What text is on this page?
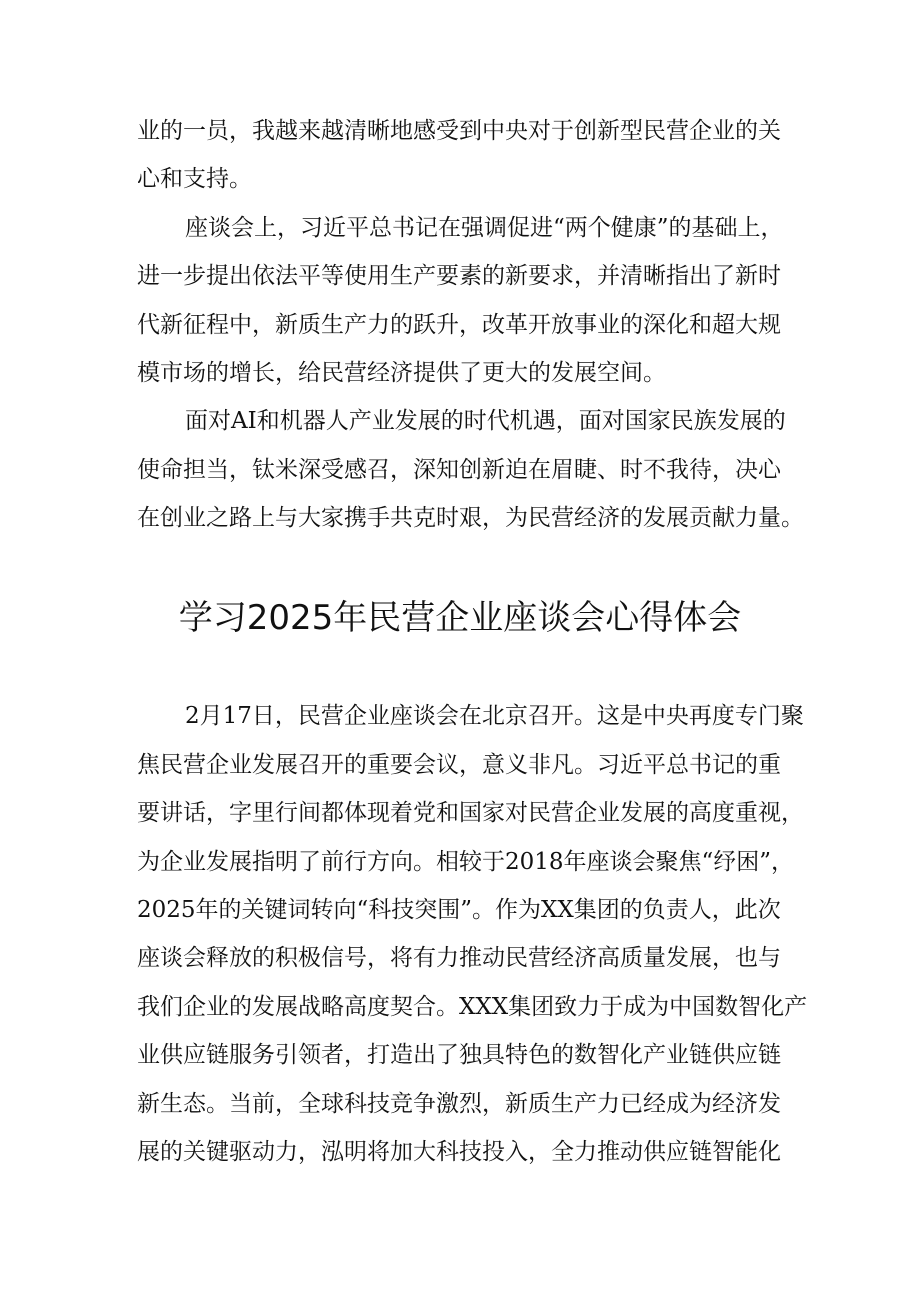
业的一员，我越来越清晰地感受到中央对于创新型民营企业的关
心和支持。
座谈会上，习近平总书记在强调促进“两个健康”的基础上，
进一步提出依法平等使用生产要素的新要求，并清晰指出了新时
代新征程中，新质生产力的跃升，改革开放事业的深化和超大规
模市场的增长，给民营经济提供了更大的发展空间。
面对AI和机器人产业发展的时代机遇，面对国家民族发展的
使命担当，钛米深受感召，深知创新迫在眉睫、时不我待，决心
在创业之路上与大家携手共克时艰，为民营经济的发展贡献力量。
学习2025年民营企业座谈会心得体会
2月17日，民营企业座谈会在北京召开。这是中央再度专门聚
焦民营企业发展召开的重要会议，意义非凡。习近平总书记的重
要讲话，字里行间都体现着党和国家对民营企业发展的高度重视，
为企业发展指明了前行方向。相较于2018年座谈会聚焦“纾困”，
2025年的关键词转向“科技突围”。作为XX集团的负责人，此次
座谈会释放的积极信号，将有力推动民营经济高质量发展，也与
我们企业的发展战略高度契合。XXX集团致力于成为中国数智化产
业供应链服务引领者，打造出了独具特色的数智化产业链供应链
新生态。当前，全球科技竞争激烈，新质生产力已经成为经济发
展的关键驱动力，泓明将加大科技投入，全力推动供应链智能化
